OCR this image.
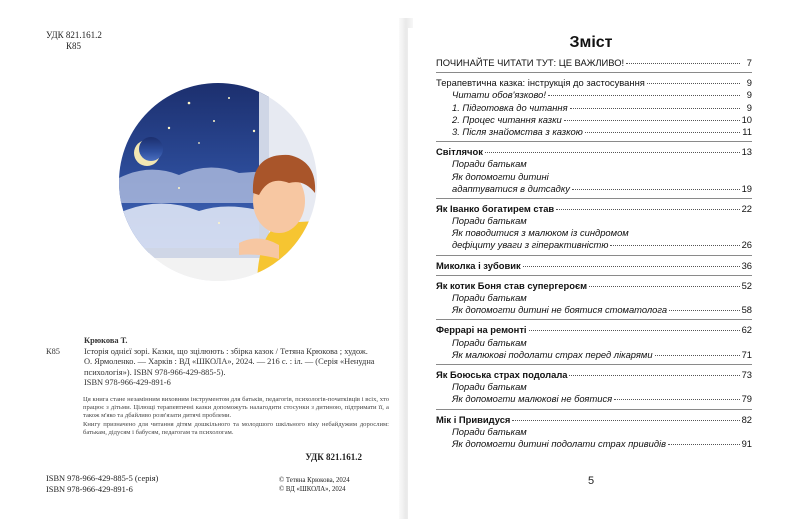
УДК 821.161.2
К85
Крюкова Т.
К85	Історія однієї зорі. Казки, що зцілюють : збірка казок / Тетяна Крюкова ; худож. О. Ярмоленко. — Харків : ВД «ШКОЛА», 2024. — 216 с. : іл. — (Серія «Ненудна психологія»). ISBN 978-966-429-885-5).
ISBN 978-966-429-891-6

Ця книга стане незамінним виховним інструментом для батьків, педагогів, психологів-початківців і всіх, хто працює з дітьми. Цілющі терапевтичні казки допоможуть налагодити стосунки з дитиною, підтримати її, а також м'яко та дбайливо розв'язати дитячі проблеми.

Книгу призначено для читання дітям дошкільного та молодшого шкільного віку небайдужим дорослим: батькам, дідусям і бабусям, педагогам та психологам.

УДК 821.161.2
ISBN 978-966-429-885-5 (серія)
ISBN 978-966-429-891-6
© Тетяна Крюкова, 2024
© ВД «ШКОЛА», 2024
Зміст
ПОЧИНАЙТЕ ЧИТАТИ ТУТ: ЦЕ ВАЖЛИВО!	7
Терапевтична казка: інструкція до застосування	9
Читати обов'язково!	9
1. Підготовка до читання	9
2. Процес читання казки	10
3. Після знайомства з казкою	11
Світлячок	13
Поради батькам
Як допомогти дитині
адаптуватися в дитсадку	19
Як Іванко богатирем став	22
Поради батькам
Як поводитися з малюком із синдромом
дефіциту уваги з гіперактивністю	26
Миколка і зубовик	36
Як котик Боня став супергероєм	52
Поради батькам
Як допомогти дитині не боятися стоматолога	58
Феррарі на ремонті	62
Поради батькам
Як малюкові подолати страх перед лікарями	71
Як Боюська страх подолала	73
Поради батькам
Як допомогти малюкові не боятися	79
Мік і Привидуся	82
Поради батькам
Як допомогти дитині подолати страх привидів	91
5
